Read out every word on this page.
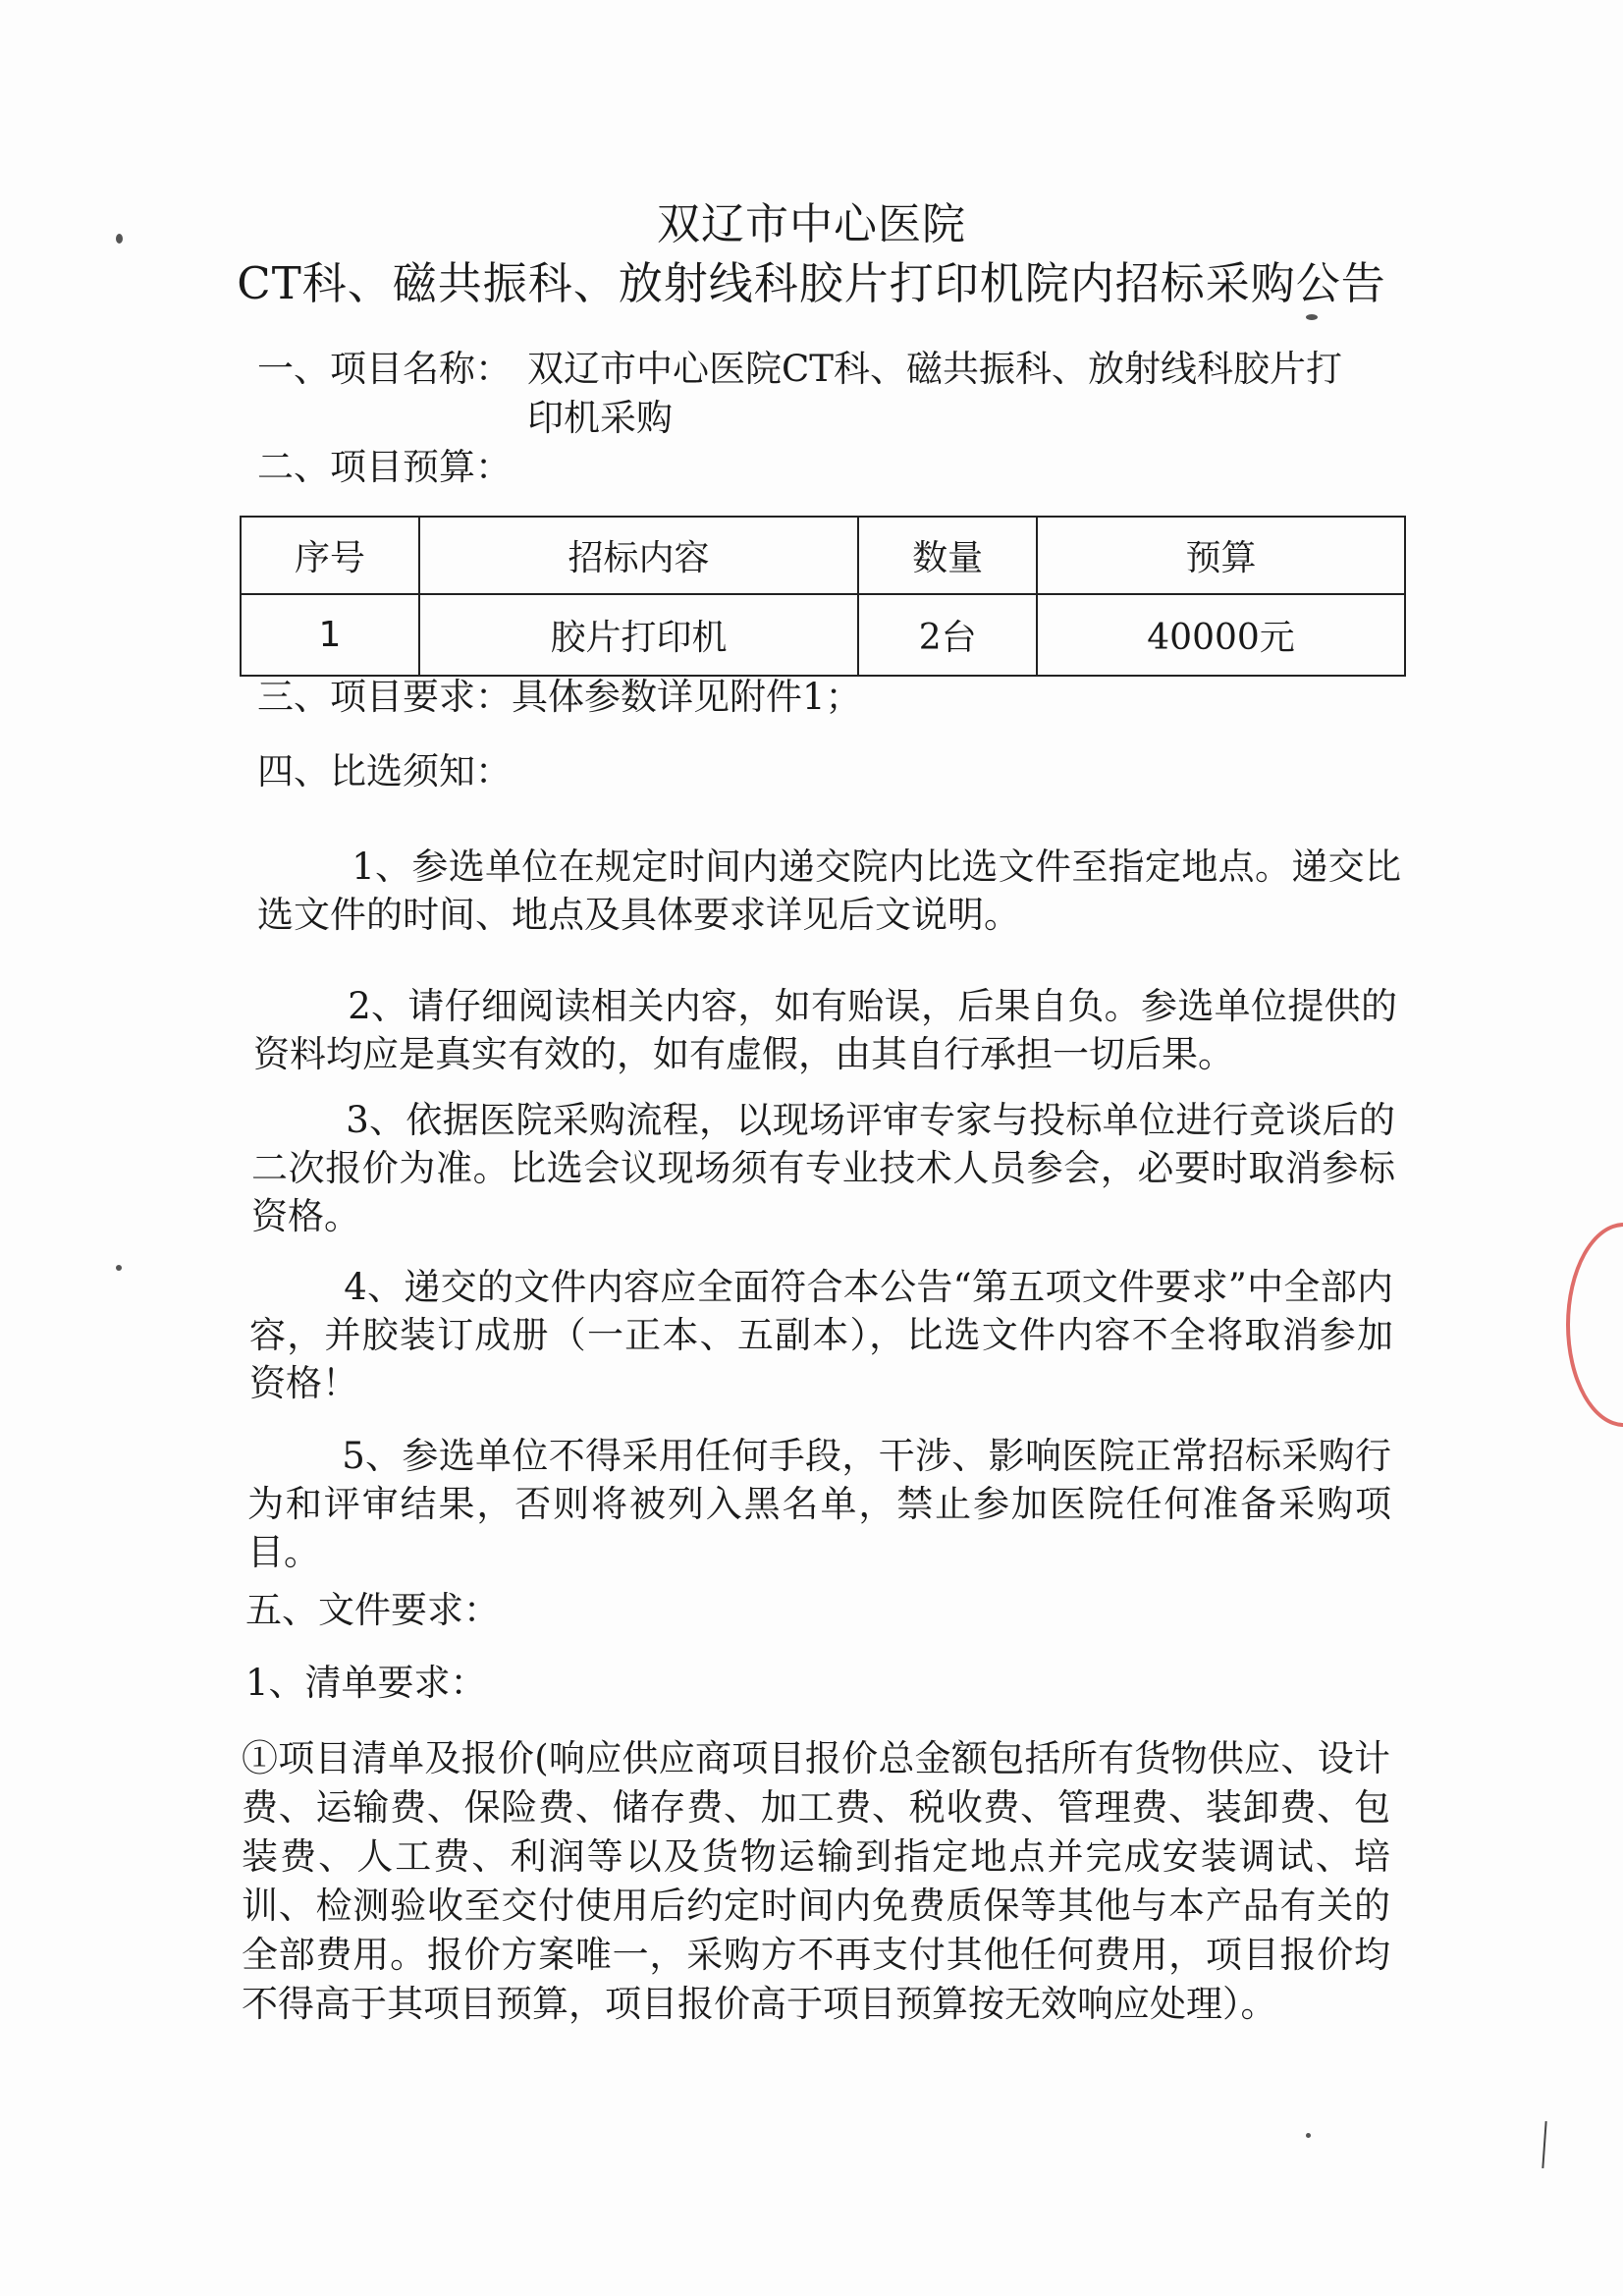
双辽市中心医院
CT科、磁共振科、放射线科胶片打印机院内招标采购公告
一、项目名称： 双辽市中心医院CT科、磁共振科、放射线科胶片打
印机采购
二、项目预算：
序号	招标内容	数量	预算
1	胶片打印机	2台	40000元
三、项目要求：具体参数详见附件1；
四、比选须知：
1、参选单位在规定时间内递交院内比选文件至指定地点。递交比选文件的时间、地点及具体要求详见后文说明。
2、请仔细阅读相关内容，如有贻误，后果自负。参选单位提供的资料均应是真实有效的，如有虚假，由其自行承担一切后果。
3、依据医院采购流程，以现场评审专家与投标单位进行竞谈后的二次报价为准。比选会议现场须有专业技术人员参会，必要时取消参标资格。
4、递交的文件内容应全面符合本公告“第五项文件要求”中全部内容，并胶装订成册（一正本、五副本），比选文件内容不全将取消参加资格！
5、参选单位不得采用任何手段，干涉、影响医院正常招标采购行为和评审结果，否则将被列入黑名单，禁止参加医院任何准备采购项目。
五、文件要求：
1、清单要求：
①项目清单及报价(响应供应商项目报价总金额包括所有货物供应、设计费、运输费、保险费、储存费、加工费、税收费、管理费、装卸费、包装费、人工费、利润等以及货物运输到指定地点并完成安装调试、培训、检测验收至交付使用后约定时间内免费质保等其他与本产品有关的全部费用。报价方案唯一，采购方不再支付其他任何费用，项目报价均不得高于其项目预算，项目报价高于项目预算按无效响应处理）。
